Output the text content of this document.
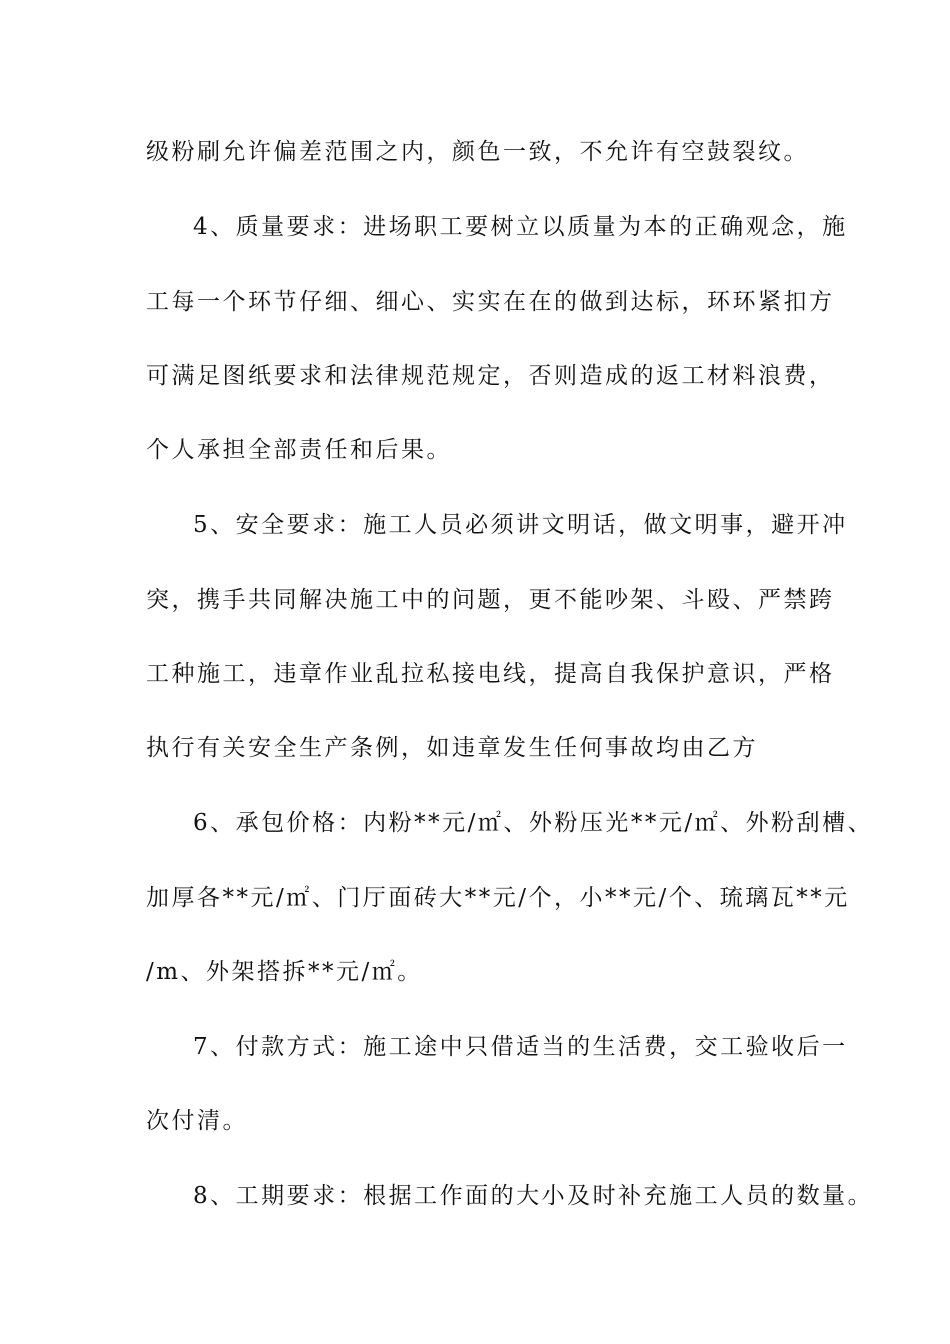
级粉刷允许偏差范围之内，颜色一致，不允许有空鼓裂纹。
4、质量要求：进场职工要树立以质量为本的正确观念，施
工每一个环节仔细、细心、实实在在的做到达标，环环紧扣方
可满足图纸要求和法律规范规定，否则造成的返工材料浪费，
个人承担全部责任和后果。
5、安全要求：施工人员必须讲文明话，做文明事，避开冲
突，携手共同解决施工中的问题，更不能吵架、斗殴、严禁跨
工种施工，违章作业乱拉私接电线，提高自我保护意识，严格
执行有关安全生产条例，如违章发生任何事故均由乙方
6、承包价格：内粉**元/㎡、外粉压光**元/㎡、外粉刮槽、
加厚各**元/㎡、门厅面砖大**元/个，小**元/个、琉璃瓦**元
/m、外架搭拆**元/㎡。
7、付款方式：施工途中只借适当的生活费，交工验收后一
次付清。
8、工期要求：根据工作面的大小及时补充施工人员的数量。
